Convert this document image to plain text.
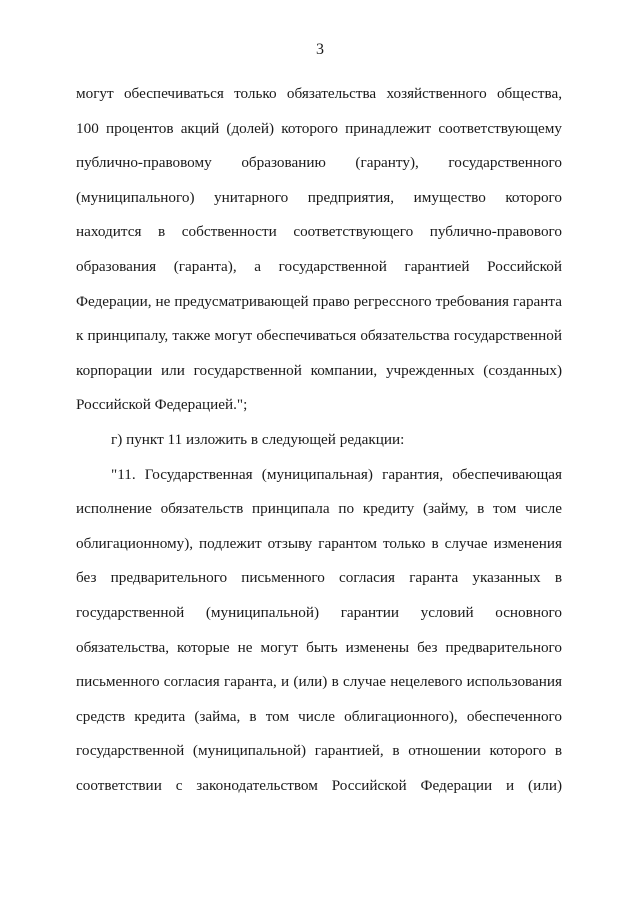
3
могут обеспечиваться только обязательства хозяйственного общества,
100 процентов акций (долей) которого принадлежит соответствующему
публично-правовому образованию (гаранту), государственного
(муниципального) унитарного предприятия, имущество которого
находится в собственности соответствующего публично-правового
образования (гаранта), а государственной гарантией Российской
Федерации, не предусматривающей право регрессного требования гаранта
к принципалу, также могут обеспечиваться обязательства государственной
корпорации или государственной компании, учрежденных (созданных)
Российской Федерацией.";
г) пункт 11 изложить в следующей редакции:
"11. Государственная (муниципальная) гарантия, обеспечивающая
исполнение обязательств принципала по кредиту (займу, в том числе
облигационному), подлежит отзыву гарантом только в случае изменения
без предварительного письменного согласия гаранта указанных в
государственной (муниципальной) гарантии условий основного
обязательства, которые не могут быть изменены без предварительного
письменного согласия гаранта, и (или) в случае нецелевого использования
средств кредита (займа, в том числе облигационного), обеспеченного
государственной (муниципальной) гарантией, в отношении которого в
соответствии с законодательством Российской Федерации и (или)
